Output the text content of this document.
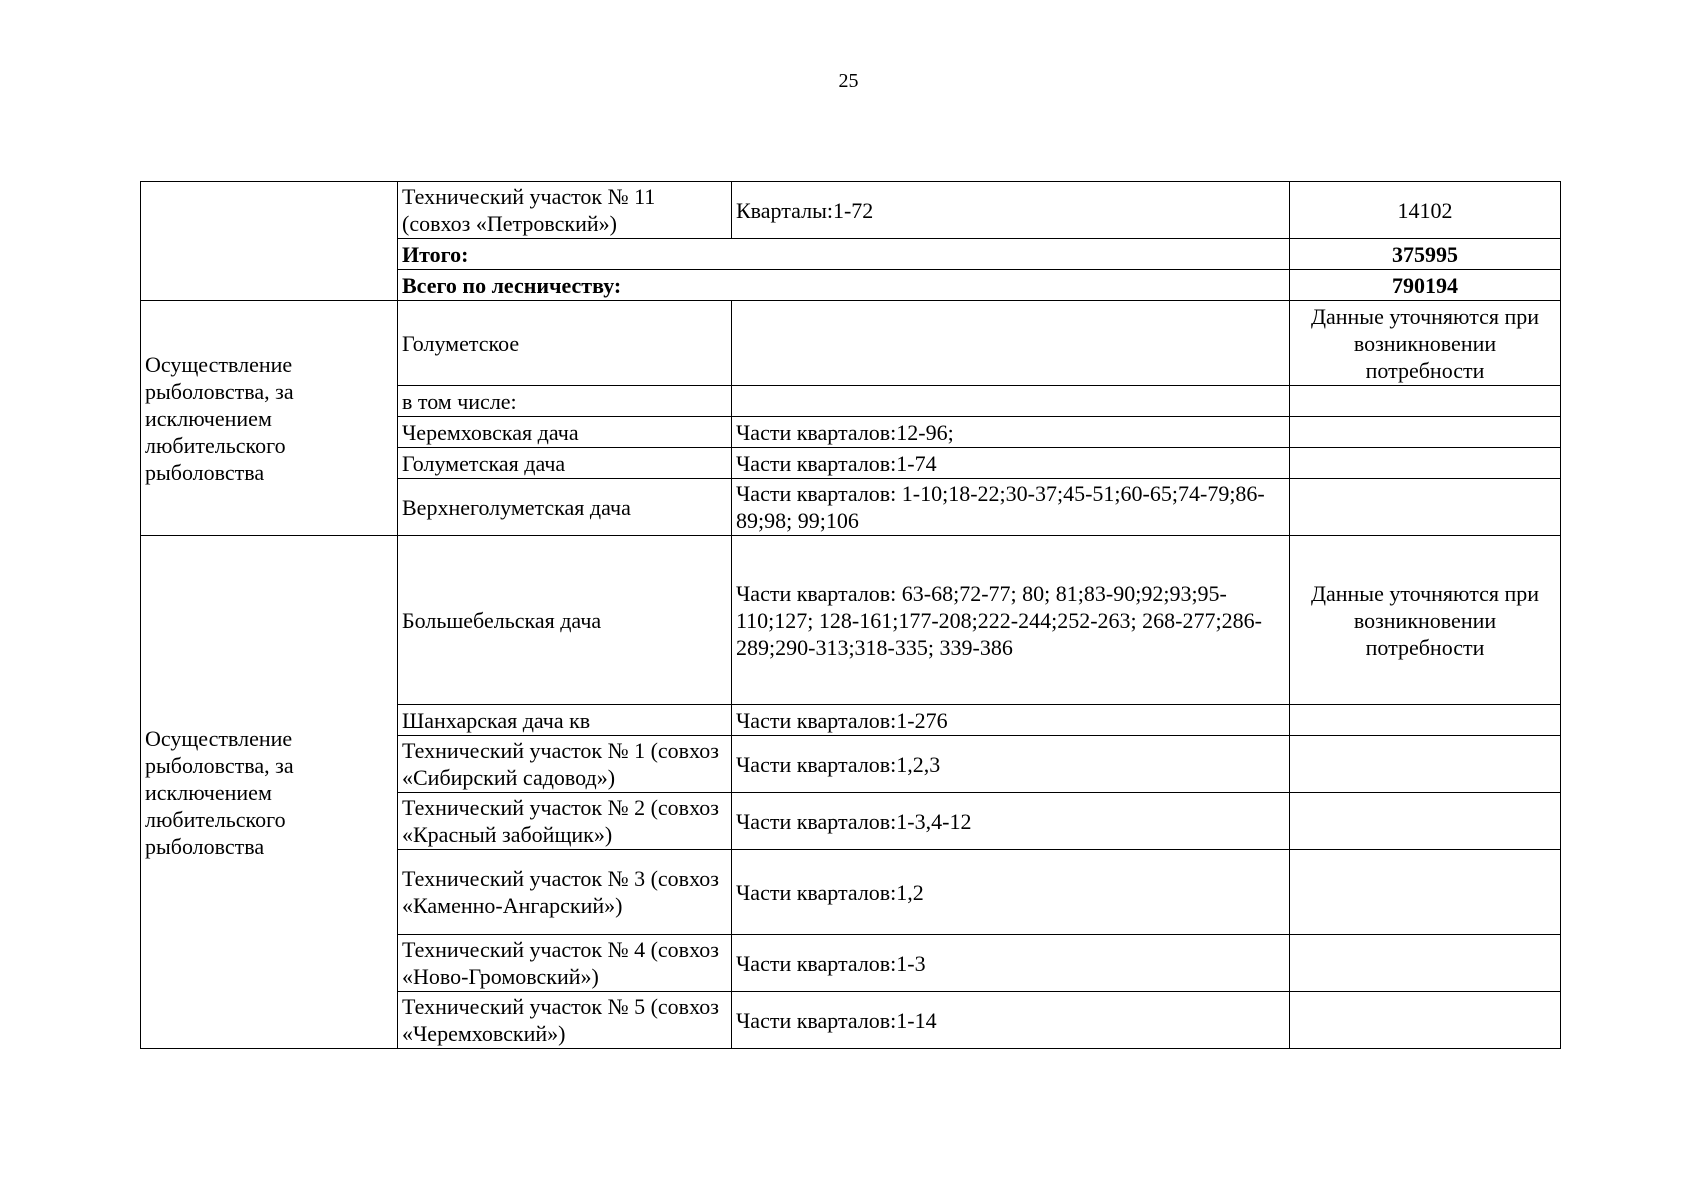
25
	Технический участок № 11 (совхоз «Петровский»)	Кварталы:1-72	14102
	Итого:		375995
	Всего по лесничеству:		790194
Осуществление рыболовства, за исключением любительского рыболовства	Голуметское		Данные уточняются при возникновении потребности
	в том числе:		
	Черемховская дача	Части кварталов:12-96;	
	Голуметская дача	Части кварталов:1-74	
	Верхнеголуметская дача	Части кварталов: 1-10;18-22;30-37;45-51;60-65;74-79;86-89;98; 99;106	
Осуществление рыболовства, за исключением любительского рыболовства	Большебельская дача	Части кварталов: 63-68;72-77; 80; 81;83-90;92;93;95-110;127; 128-161;177-208;222-244;252-263; 268-277;286-289;290-313;318-335; 339-386	Данные уточняются при возникновении потребности
	Шанхарская дача кв	Части кварталов:1-276	
	Технический участок № 1 (совхоз «Сибирский садовод»)	Части кварталов:1,2,3	
	Технический участок № 2 (совхоз «Красный забойщик»)	Части кварталов:1-3,4-12	
	Технический участок № 3 (совхоз «Каменно-Ангарский»)	Части кварталов:1,2	
	Технический участок № 4 (совхоз «Ново-Громовский»)	Части кварталов:1-3	
	Технический участок № 5 (совхоз «Черемховский»)	Части кварталов:1-14	
